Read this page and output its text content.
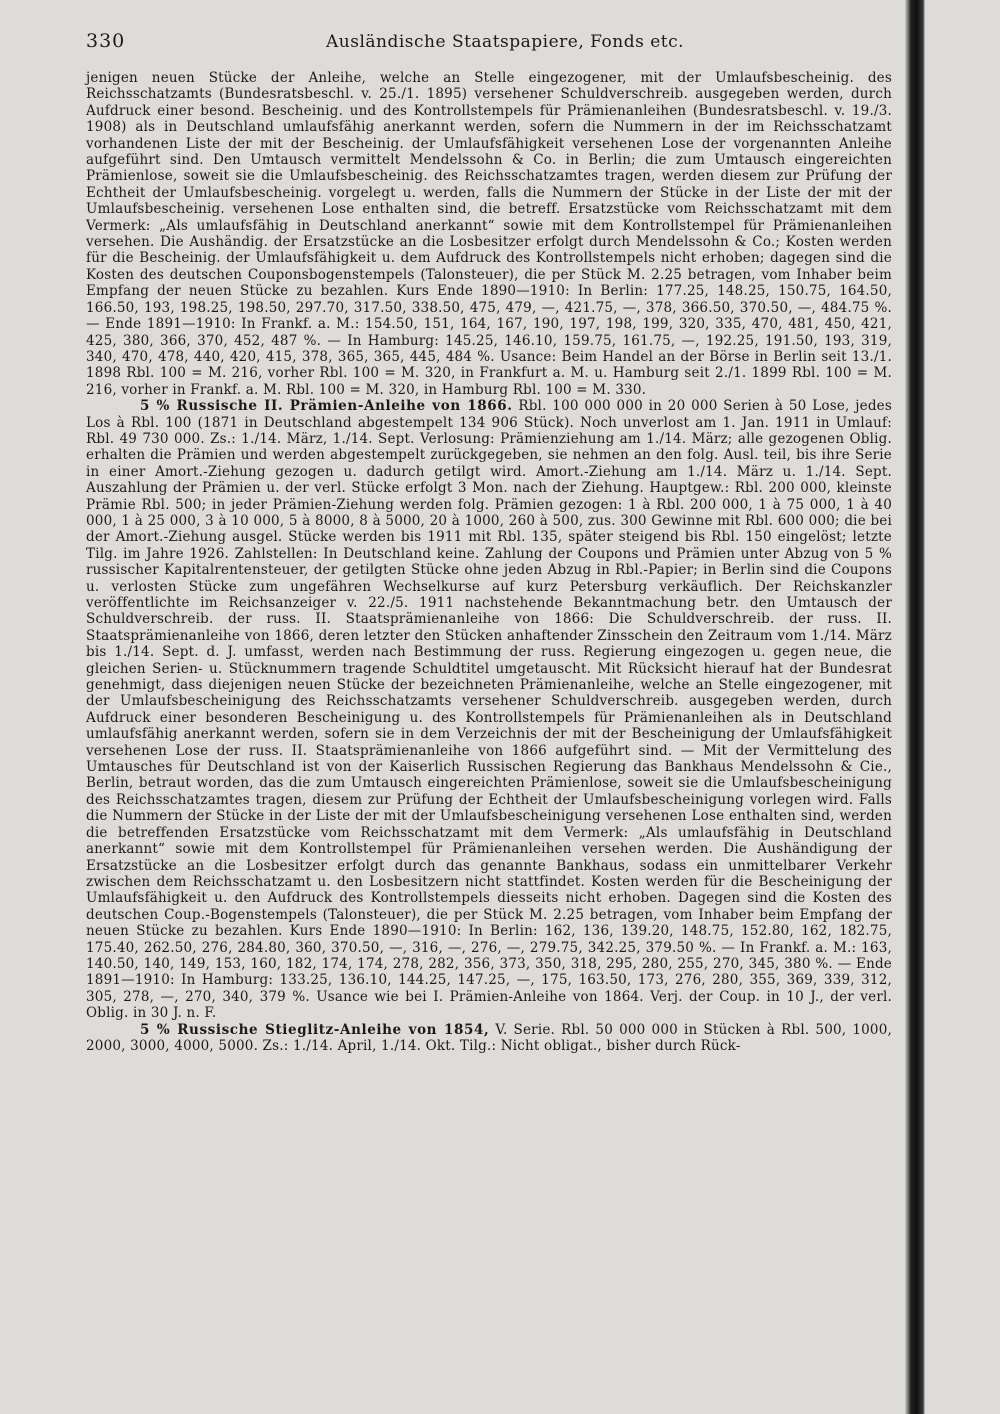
330	Ausländische Staatspapiere, Fonds etc.

jenigen neuen Stücke der Anleihe, welche an Stelle eingezogener, mit der Umlaufsbescheinig. des Reichsschatzamts (Bundesratsbeschl. v. 25./1. 1895) versehener Schuldverschreib. ausgegeben werden, durch Aufdruck einer besond. Bescheinig. und des Kontrollstempels für Prämienanleihen (Bundesratsbeschl. v. 19./3. 1908) als in Deutschland umlaufsfähig anerkannt werden, sofern die Nummern in der im Reichsschatzamt vorhandenen Liste der mit der Bescheinig. der Umlaufsfähigkeit versehenen Lose der vorgenannten Anleihe aufgeführt sind. Den Umtausch vermittelt Mendelssohn & Co. in Berlin; die zum Umtausch eingereichten Prämienlose, soweit sie die Umlaufsbescheinig. des Reichsschatzamtes tragen, werden diesem zur Prüfung der Echtheit der Umlaufsbescheinig. vorgelegt u. werden, falls die Nummern der Stücke in der Liste der mit der Umlaufsbescheinig. versehenen Lose enthalten sind, die betreff. Ersatzstücke vom Reichsschatzamt mit dem Vermerk: „Als umlaufsfähig in Deutschland anerkannt“ sowie mit dem Kontrollstempel für Prämienanleihen versehen. Die Aushändig. der Ersatzstücke an die Losbesitzer erfolgt durch Mendelssohn & Co.; Kosten werden für die Bescheinig. der Umlaufsfähigkeit u. dem Aufdruck des Kontrollstempels nicht erhoben; dagegen sind die Kosten des deutschen Couponsbogenstempels (Talonsteuer), die per Stück M. 2.25 betragen, vom Inhaber beim Empfang der neuen Stücke zu bezahlen. Kurs Ende 1890—1910: In Berlin: 177.25, 148.25, 150.75, 164.50, 166.50, 193, 198.25, 198.50, 297.70, 317.50, 338.50, 475, 479, —, 421.75, —, 378, 366.50, 370.50, —, 484.75 %. — Ende 1891—1910: In Frankf. a. M.: 154.50, 151, 164, 167, 190, 197, 198, 199, 320, 335, 470, 481, 450, 421, 425, 380, 366, 370, 452, 487 %. — In Hamburg: 145.25, 146.10, 159.75, 161.75, —, 192.25, 191.50, 193, 319, 340, 470, 478, 440, 420, 415, 378, 365, 365, 445, 484 %. Usance: Beim Handel an der Börse in Berlin seit 13./1. 1898 Rbl. 100 = M. 216, vorher Rbl. 100 = M. 320, in Frankfurt a. M. u. Hamburg seit 2./1. 1899 Rbl. 100 = M. 216, vorher in Frankf. a. M. Rbl. 100 = M. 320, in Hamburg Rbl. 100 = M. 330.

5 % Russische II. Prämien-Anleihe von 1866. Rbl. 100 000 000 in 20 000 Serien à 50 Lose, jedes Los à Rbl. 100 (1871 in Deutschland abgestempelt 134 906 Stück). Noch unverlost am 1. Jan. 1911 in Umlauf: Rbl. 49 730 000. Zs.: 1./14. März, 1./14. Sept. Verlosung: Prämienziehung am 1./14. März; alle gezogenen Oblig. erhalten die Prämien und werden abgestempelt zurückgegeben, sie nehmen an den folg. Ausl. teil, bis ihre Serie in einer Amort.-Ziehung gezogen u. dadurch getilgt wird. Amort.-Ziehung am 1./14. März u. 1./14. Sept. Auszahlung der Prämien u. der verl. Stücke erfolgt 3 Mon. nach der Ziehung. Hauptgew.: Rbl. 200 000, kleinste Prämie Rbl. 500; in jeder Prämien-Ziehung werden folg. Prämien gezogen: 1 à Rbl. 200 000, 1 à 75 000, 1 à 40 000, 1 à 25 000, 3 à 10 000, 5 à 8000, 8 à 5000, 20 à 1000, 260 à 500, zus. 300 Gewinne mit Rbl. 600 000; die bei der Amort.-Ziehung ausgel. Stücke werden bis 1911 mit Rbl. 135, später steigend bis Rbl. 150 eingelöst; letzte Tilg. im Jahre 1926. Zahlstellen: In Deutschland keine. Zahlung der Coupons und Prämien unter Abzug von 5 % russischer Kapitalrentensteuer, der getilgten Stücke ohne jeden Abzug in Rbl.-Papier; in Berlin sind die Coupons u. verlosten Stücke zum ungefähren Wechselkurse auf kurz Petersburg verkäuflich. Der Reichskanzler veröffentlichte im Reichsanzeiger v. 22./5. 1911 nachstehende Bekanntmachung betr. den Umtausch der Schuldverschreib. der russ. II. Staatsprämienanleihe von 1866: Die Schuldverschreib. der russ. II. Staatsprämienanleihe von 1866, deren letzter den Stücken anhaftender Zinsschein den Zeitraum vom 1./14. März bis 1./14. Sept. d. J. umfasst, werden nach Bestimmung der russ. Regierung eingezogen u. gegen neue, die gleichen Serien- u. Stücknummern tragende Schuldtitel umgetauscht. Mit Rücksicht hierauf hat der Bundesrat genehmigt, dass diejenigen neuen Stücke der bezeichneten Prämienanleihe, welche an Stelle eingezogener, mit der Umlaufsbescheinigung des Reichsschatzamts versehener Schuldverschreib. ausgegeben werden, durch Aufdruck einer besonderen Bescheinigung u. des Kontrollstempels für Prämienanleihen als in Deutschland umlaufsfähig anerkannt werden, sofern sie in dem Verzeichnis der mit der Bescheinigung der Umlaufsfähigkeit versehenen Lose der russ. II. Staatsprämienanleihe von 1866 aufgeführt sind. — Mit der Vermittelung des Umtausches für Deutschland ist von der Kaiserlich Russischen Regierung das Bankhaus Mendelssohn & Cie., Berlin, betraut worden, das die zum Umtausch eingereichten Prämienlose, soweit sie die Umlaufsbescheinigung des Reichsschatzamtes tragen, diesem zur Prüfung der Echtheit der Umlaufsbescheinigung vorlegen wird. Falls die Nummern der Stücke in der Liste der mit der Umlaufsbescheinigung versehenen Lose enthalten sind, werden die betreffenden Ersatzstücke vom Reichsschatzamt mit dem Vermerk: „Als umlaufsfähig in Deutschland anerkannt“ sowie mit dem Kontrollstempel für Prämienanleihen versehen werden. Die Aushändigung der Ersatzstücke an die Losbesitzer erfolgt durch das genannte Bankhaus, sodass ein unmittelbarer Verkehr zwischen dem Reichsschatzamt u. den Losbesitzern nicht stattfindet. Kosten werden für die Bescheinigung der Umlaufsfähigkeit u. den Aufdruck des Kontrollstempels diesseits nicht erhoben. Dagegen sind die Kosten des deutschen Coup.-Bogenstempels (Talonsteuer), die per Stück M. 2.25 betragen, vom Inhaber beim Empfang der neuen Stücke zu bezahlen. Kurs Ende 1890—1910: In Berlin: 162, 136, 139.20, 148.75, 152.80, 162, 182.75, 175.40, 262.50, 276, 284.80, 360, 370.50, —, 316, —, 276, —, 279.75, 342.25, 379.50 %. — In Frankf. a. M.: 163, 140.50, 140, 149, 153, 160, 182, 174, 174, 278, 282, 356, 373, 350, 318, 295, 280, 255, 270, 345, 380 %. — Ende 1891—1910: In Hamburg: 133.25, 136.10, 144.25, 147.25, —, 175, 163.50, 173, 276, 280, 355, 369, 339, 312, 305, 278, —, 270, 340, 379 %. Usance wie bei I. Prämien-Anleihe von 1864. Verj. der Coup. in 10 J., der verl. Oblig. in 30 J. n. F.

5 % Russische Stieglitz-Anleihe von 1854, V. Serie. Rbl. 50 000 000 in Stücken à Rbl. 500, 1000, 2000, 3000, 4000, 5000. Zs.: 1./14. April, 1./14. Okt. Tilg.: Nicht obligat., bisher durch Rück-
